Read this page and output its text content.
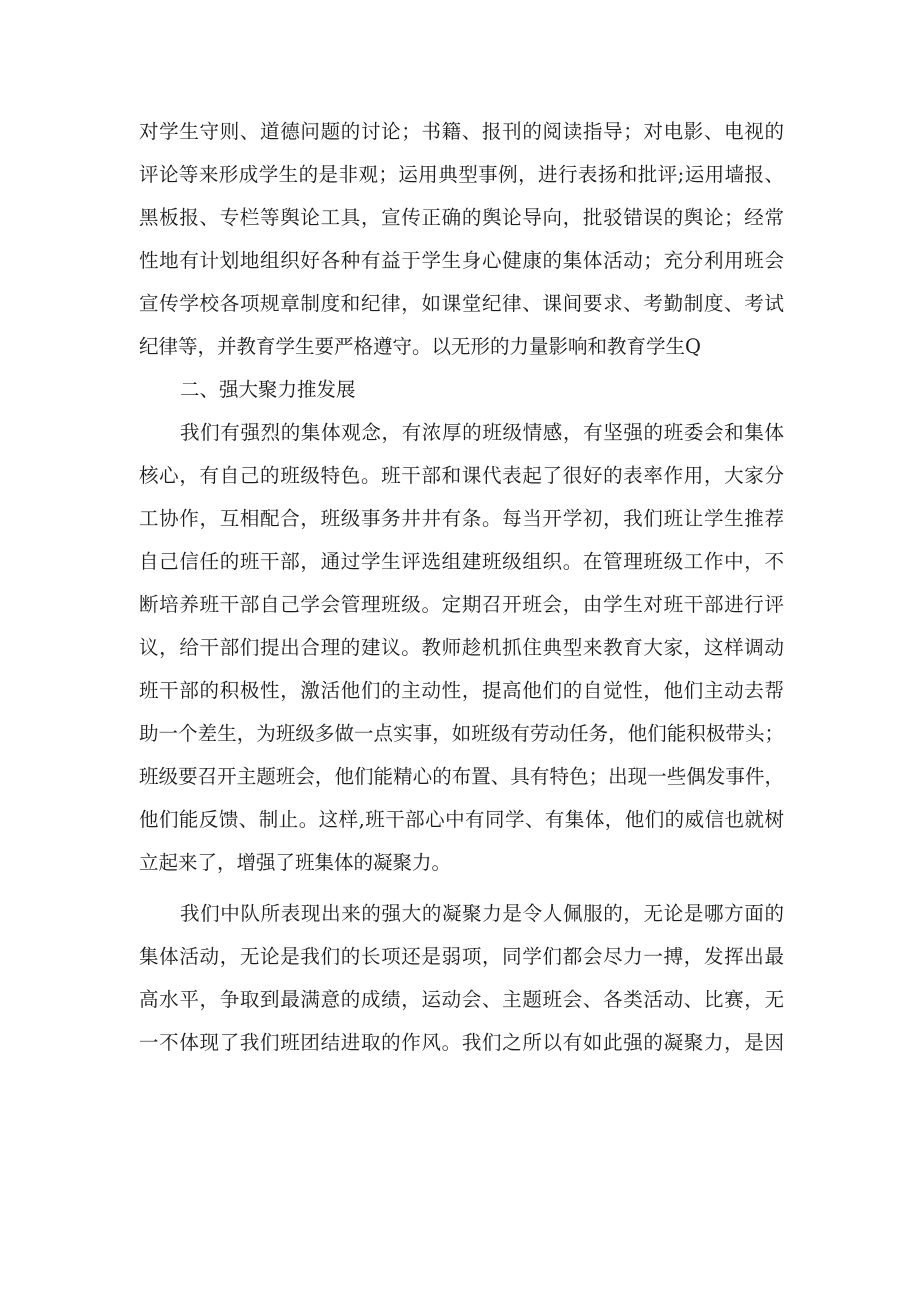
对学生守则、道德问题的讨论；书籍、报刊的阅读指导；对电影、电视的
评论等来形成学生的是非观；运用典型事例，进行表扬和批评;运用墙报、
黑板报、专栏等舆论工具，宣传正确的舆论导向，批驳错误的舆论；经常
性地有计划地组织好各种有益于学生身心健康的集体活动；充分利用班会
宣传学校各项规章制度和纪律，如课堂纪律、课间要求、考勤制度、考试
纪律等，并教育学生要严格遵守。以无形的力量影响和教育学生Q
二、强大聚力推发展
我们有强烈的集体观念，有浓厚的班级情感，有坚强的班委会和集体
核心，有自己的班级特色。班干部和课代表起了很好的表率作用，大家分
工协作，互相配合，班级事务井井有条。每当开学初，我们班让学生推荐
自己信任的班干部，通过学生评选组建班级组织。在管理班级工作中，不
断培养班干部自己学会管理班级。定期召开班会，由学生对班干部进行评
议，给干部们提出合理的建议。教师趁机抓住典型来教育大家，这样调动
班干部的积极性，激活他们的主动性，提高他们的自觉性，他们主动去帮
助一个差生，为班级多做一点实事，如班级有劳动任务，他们能积极带头；
班级要召开主题班会，他们能精心的布置、具有特色；出现一些偶发事件，
他们能反馈、制止。这样,班干部心中有同学、有集体，他们的威信也就树
立起来了，增强了班集体的凝聚力。
我们中队所表现出来的强大的凝聚力是令人佩服的，无论是哪方面的
集体活动，无论是我们的长项还是弱项，同学们都会尽力一搏，发挥出最
高水平，争取到最满意的成绩，运动会、主题班会、各类活动、比赛，无
一不体现了我们班团结进取的作风。我们之所以有如此强的凝聚力，是因
